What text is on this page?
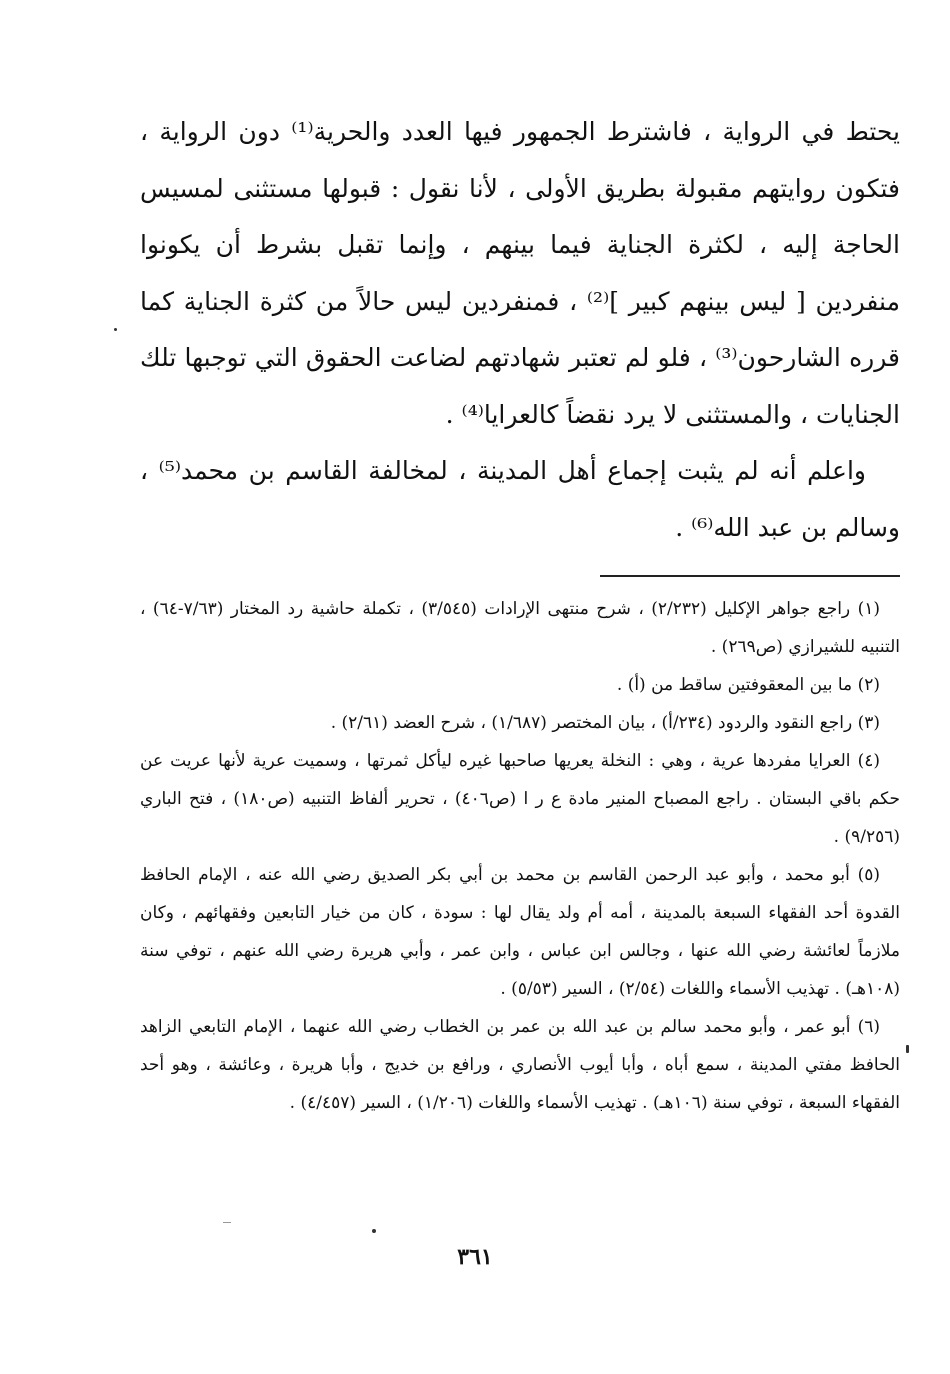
يحتط في الرواية ، فاشترط الجمهور فيها العدد والحرية⁽¹⁾ دون الرواية ، فتكون روايتهم مقبولة بطريق الأولى ، لأنا نقول : قبولها مستثنى لمسيس الحاجة إليه ، لكثرة الجناية فيما بينهم ، وإنما تقبل بشرط أن يكونوا منفردين [ ليس بينهم كبير ]⁽²⁾ ، فمنفردين ليس حالاً من كثرة الجناية كما قرره الشارحون⁽³⁾ ، فلو لم تعتبر شهادتهم لضاعت الحقوق التي توجبها تلك الجنايات ، والمستثنى لا يرد نقضاً كالعرايا⁽⁴⁾ .

واعلم أنه لم يثبت إجماع أهل المدينة ، لمخالفة القاسم بن محمد⁽⁵⁾ ، وسالم بن عبد الله⁽⁶⁾ .

(١) راجع جواهر الإكليل (٢/٢٣٢) ، شرح منتهى الإرادات (٣/٥٤٥) ، تكملة حاشية رد المختار (٧/٦٣-٦٤) ، التنبيه للشيرازي (ص٢٦٩) .

(٢) ما بين المعقوفتين ساقط من (أ) .

(٣) راجع النقود والردود (٢٣٤/أ) ، بيان المختصر (١/٦٨٧) ، شرح العضد (٢/٦١) .

(٤) العرايا مفردها عرية ، وهي : النخلة يعريها صاحبها غيره ليأكل ثمرتها ، وسميت عرية لأنها عريت عن حكم باقي البستان . راجع المصباح المنير مادة ع ر ا (ص٤٠٦) ، تحرير ألفاظ التنبيه (ص١٨٠) ، فتح الباري (٩/٢٥٦) .

(٥) أبو محمد ، وأبو عبد الرحمن القاسم بن محمد بن أبي بكر الصديق رضي الله عنه ، الإمام الحافظ القدوة أحد الفقهاء السبعة بالمدينة ، أمه أم ولد يقال لها : سودة ، كان من خيار التابعين وفقهائهم ، وكان ملازماً لعائشة رضي الله عنها ، وجالس ابن عباس ، وابن عمر ، وأبي هريرة رضي الله عنهم ، توفي سنة (١٠٨هـ) . تهذيب الأسماء واللغات (٢/٥٤) ، السير (٥/٥٣) .

(٦) أبو عمر ، وأبو محمد سالم بن عبد الله بن عمر بن الخطاب رضي الله عنهما ، الإمام التابعي الزاهد الحافظ مفتي المدينة ، سمع أباه ، وأبا أيوب الأنصاري ، ورافع بن خديج ، وأبا هريرة ، وعائشة ، وهو أحد الفقهاء السبعة ، توفي سنة (١٠٦هـ) . تهذيب الأسماء واللغات (١/٢٠٦) ، السير (٤/٤٥٧) .

٣٦١
